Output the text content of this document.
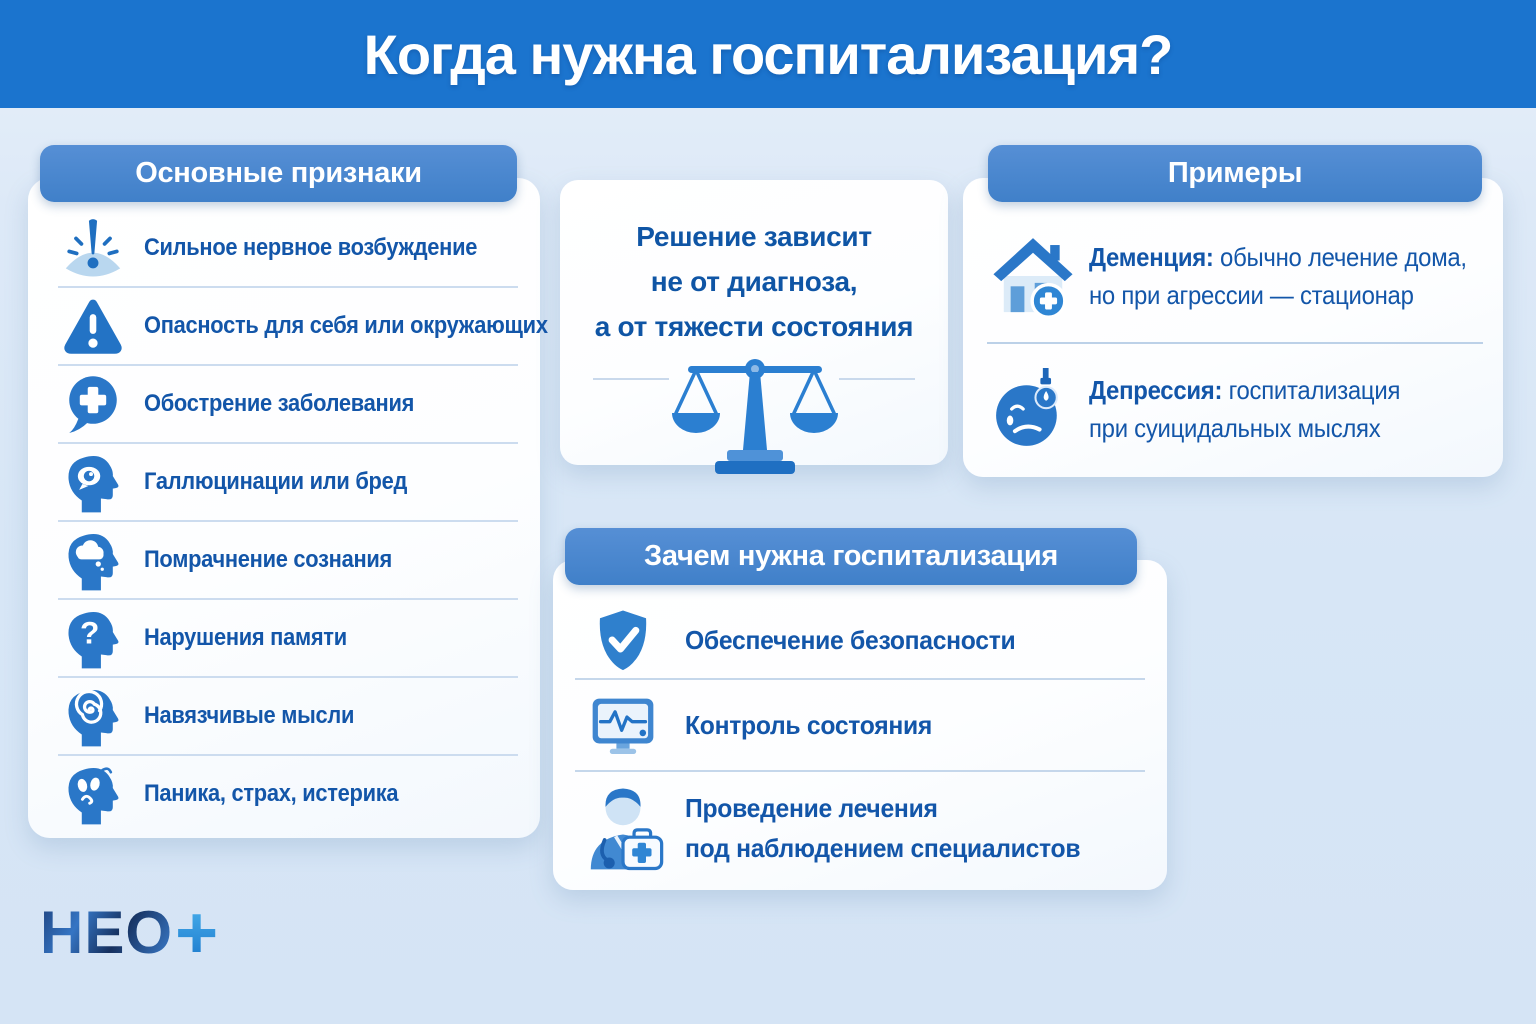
Когда нужна госпитализация?
Основные признаки
Сильное нервное возбуждение
Опасность для себя или окружающих
Обострение заболевания
Галлюцинации или бред
Помрачнение сознания
? Нарушения памяти
Навязчивые мысли
Паника, страх, истерика
Решение зависит
не от диагноза,
а от тяжести состояния
Примеры
Деменция: обычно лечение дома,
но при агрессии — стационар
Депрессия: госпитализация
при суицидальных мыслях
Зачем нужна госпитализация
Обеспечение безопасности
Контроль состояния
Проведение лечения
под наблюдением специалистов
НЕО +
